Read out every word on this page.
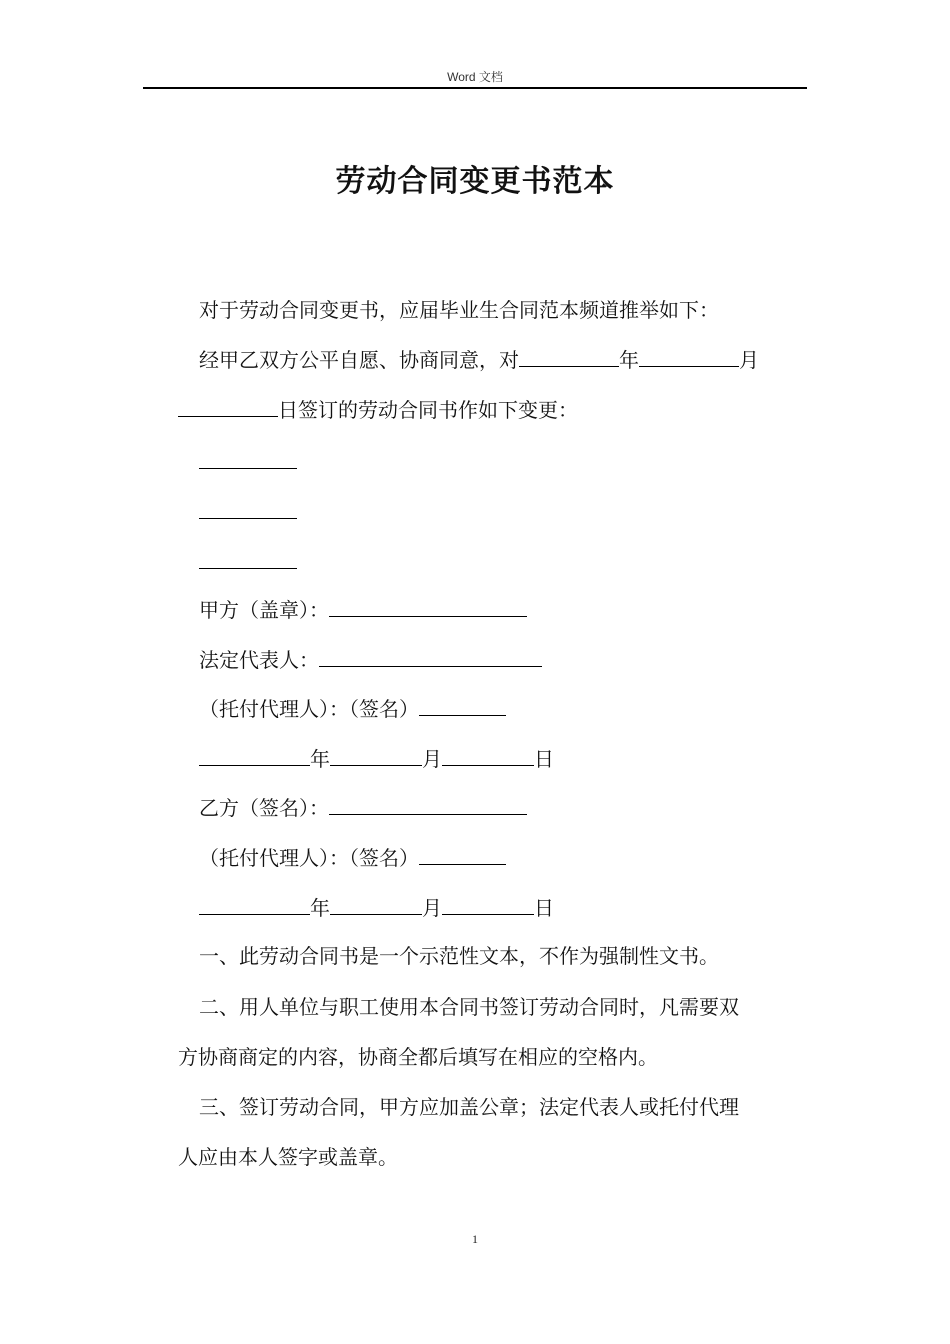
Word 文档
劳动合同变更书范本
对于劳动合同变更书，应届毕业生合同范本频道推举如下：
经甲乙双方公平自愿、协商同意，对	年	月
日签订的劳动合同书作如下变更：
甲方（盖章）：
法定代表人：
（托付代理人）：（签名）
年	月	日
乙方（签名）：
（托付代理人）：（签名）
年	月	日
一、此劳动合同书是一个示范性文本，不作为强制性文书。
二、用人单位与职工使用本合同书签订劳动合同时，凡需要双
方协商商定的内容，协商全都后填写在相应的空格内。
三、签订劳动合同，甲方应加盖公章；法定代表人或托付代理
人应由本人签字或盖章。
1
